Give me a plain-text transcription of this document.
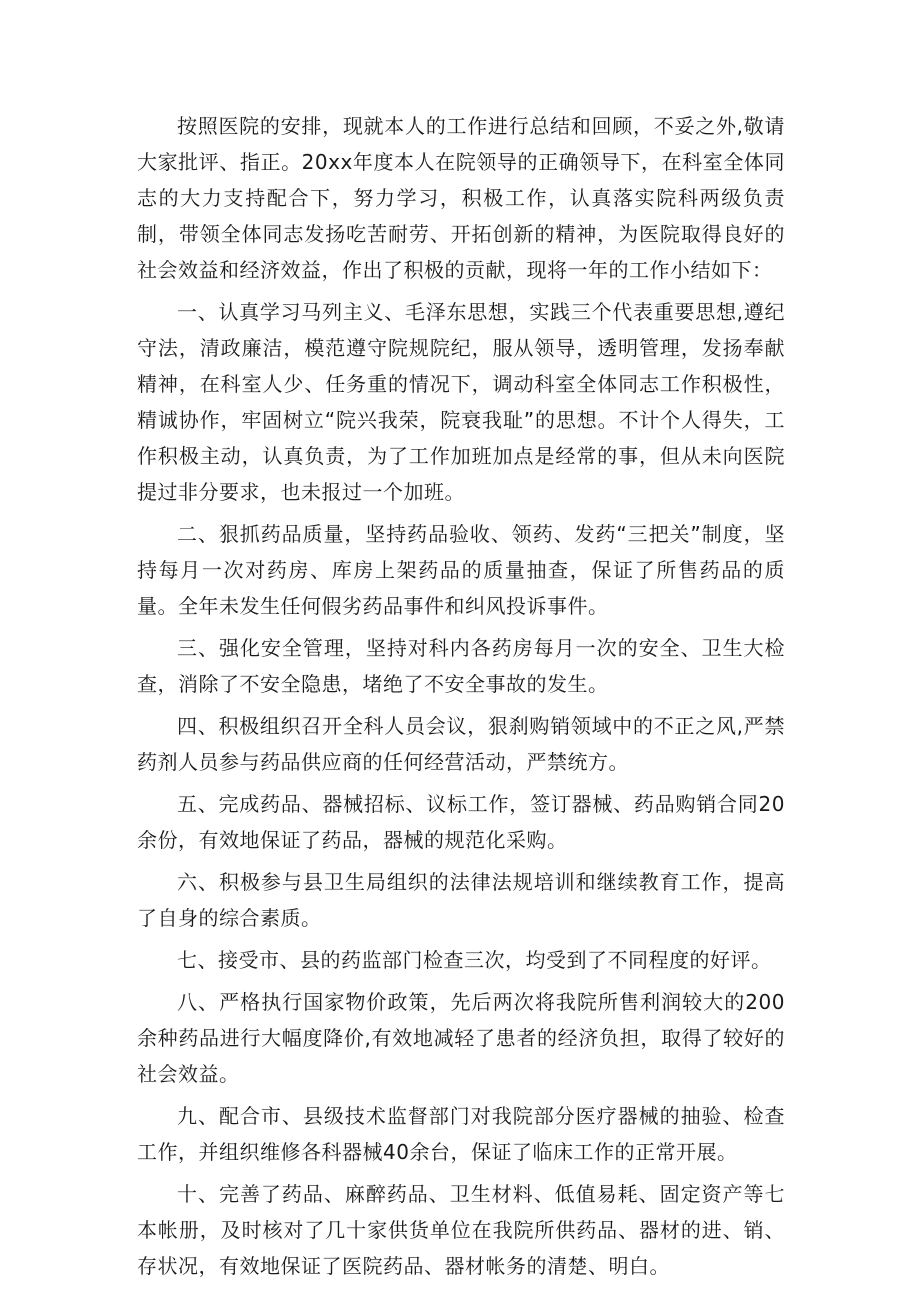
按照医院的安排，现就本人的工作进行总结和回顾，不妥之外,敬请大家批评、指正。20xx年度本人在院领导的正确领导下，在科室全体同志的大力支持配合下，努力学习，积极工作，认真落实院科两级负责制，带领全体同志发扬吃苦耐劳、开拓创新的精神，为医院取得良好的社会效益和经济效益，作出了积极的贡献，现将一年的工作小结如下：

一、认真学习马列主义、毛泽东思想，实践三个代表重要思想,遵纪守法，清政廉洁，模范遵守院规院纪，服从领导，透明管理，发扬奉献精神，在科室人少、任务重的情况下，调动科室全体同志工作积极性，精诚协作，牢固树立“院兴我荣，院衰我耻”的思想。不计个人得失，工作积极主动，认真负责，为了工作加班加点是经常的事，但从未向医院提过非分要求，也未报过一个加班。

二、狠抓药品质量，坚持药品验收、领药、发药“三把关”制度，坚持每月一次对药房、库房上架药品的质量抽查，保证了所售药品的质量。全年未发生任何假劣药品事件和纠风投诉事件。

三、强化安全管理，坚持对科内各药房每月一次的安全、卫生大检查，消除了不安全隐患，堵绝了不安全事故的发生。

四、积极组织召开全科人员会议，狠刹购销领域中的不正之风,严禁药剂人员参与药品供应商的任何经营活动，严禁统方。

五、完成药品、器械招标、议标工作，签订器械、药品购销合同20余份，有效地保证了药品，器械的规范化采购。

六、积极参与县卫生局组织的法律法规培训和继续教育工作，提高了自身的综合素质。

七、接受市、县的药监部门检查三次，均受到了不同程度的好评。

八、严格执行国家物价政策，先后两次将我院所售利润较大的200余种药品进行大幅度降价,有效地减轻了患者的经济负担，取得了较好的社会效益。

九、配合市、县级技术监督部门对我院部分医疗器械的抽验、检查工作，并组织维修各科器械40余台，保证了临床工作的正常开展。

十、完善了药品、麻醉药品、卫生材料、低值易耗、固定资产等七本帐册，及时核对了几十家供货单位在我院所供药品、器材的进、销、存状况，有效地保证了医院药品、器材帐务的清楚、明白。
